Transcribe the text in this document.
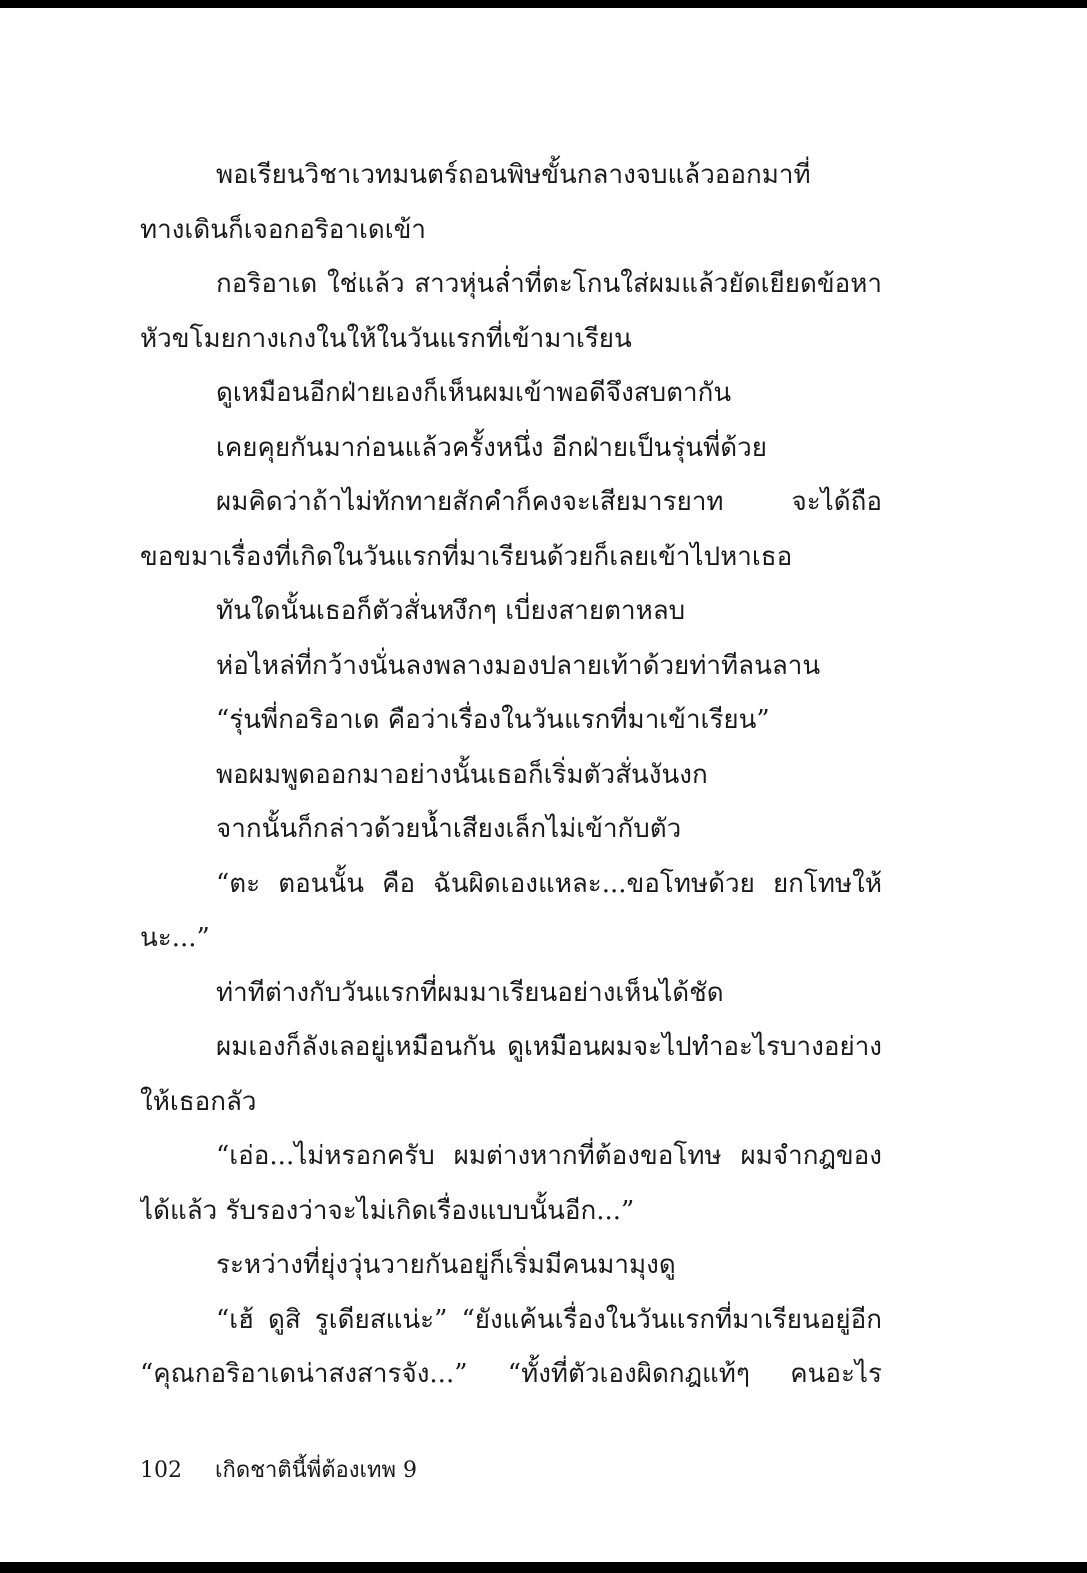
พอเรียนวิชาเวทมนตร์ถอนพิษขั้นกลางจบแล้วออกมาที่
ทางเดินก็เจอกอริอาเดเข้า
กอริอาเด ใช่แล้ว สาวหุ่นล่ำที่ตะโกนใส่ผมแล้วยัดเยียดข้อหา
หัวขโมยกางเกงในให้ในวันแรกที่เข้ามาเรียน
ดูเหมือนอีกฝ่ายเองก็เห็นผมเข้าพอดีจึงสบตากัน
เคยคุยกันมาก่อนแล้วครั้งหนึ่ง อีกฝ่ายเป็นรุ่นพี่ด้วย
ผมคิดว่าถ้าไม่ทักทายสักคำก็คงจะเสียมารยาท จะได้ถือ
ขอขมาเรื่องที่เกิดในวันแรกที่มาเรียนด้วยก็เลยเข้าไปหาเธอ
ทันใดนั้นเธอก็ตัวสั่นหงึกๆ เบี่ยงสายตาหลบ
ห่อไหล่ที่กว้างนั่นลงพลางมองปลายเท้าด้วยท่าทีลนลาน
“รุ่นพี่กอริอาเด คือว่าเรื่องในวันแรกที่มาเข้าเรียน”
พอผมพูดออกมาอย่างนั้นเธอก็เริ่มตัวสั่นงันงก
จากนั้นก็กล่าวด้วยน้ำเสียงเล็กไม่เข้ากับตัว
“ตะ ตอนนั้น คือ ฉันผิดเองแหละ...ขอโทษด้วย ยกโทษให้
นะ...”
ท่าทีต่างกับวันแรกที่ผมมาเรียนอย่างเห็นได้ชัด
ผมเองก็ลังเลอยู่เหมือนกัน ดูเหมือนผมจะไปทำอะไรบางอย่าง
ให้เธอกลัว
“เอ่อ...ไม่หรอกครับ ผมต่างหากที่ต้องขอโทษ ผมจำกฎของ
ได้แล้ว รับรองว่าจะไม่เกิดเรื่องแบบนั้นอีก...”
ระหว่างที่ยุ่งวุ่นวายกันอยู่ก็เริ่มมีคนมามุงดู
“เฮ้ ดูสิ รูเดียสแน่ะ” “ยังแค้นเรื่องในวันแรกที่มาเรียนอยู่อีก
“คุณกอริอาเดน่าสงสารจัง...” “ทั้งที่ตัวเองผิดกฎแท้ๆ คนอะไร
102 เกิดชาตินี้พี่ต้องเทพ 9
